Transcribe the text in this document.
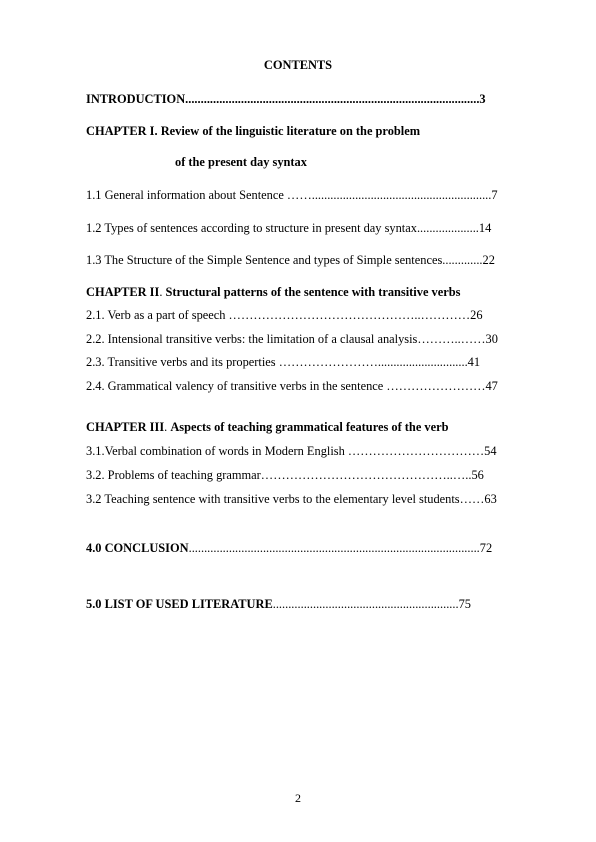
CONTENTS
INTRODUCTION...............................................................................................3
CHAPTER I. Review of the linguistic literature on the problem
of the present day syntax
1.1 General information about Sentence ……..........................................................7
1.2 Types of sentences according to structure in present day syntax....................14
1.3 The Structure of the Simple Sentence and types of Simple sentences.............22
CHAPTER II. Structural patterns of the sentence with transitive verbs
2.1. Verb as a part of speech ………………………………………..…………26
2.2. Intensional transitive verbs: the limitation of a clausal analysis………..……30
2.3. Transitive verbs and its properties …………………….............................41
2.4. Grammatical valency of transitive verbs in the sentence ……………………47
CHAPTER III. Aspects of teaching grammatical features of the verb
3.1.Verbal combination of words in Modern English ……………………………54
3.2. Problems of teaching grammar………………………………………..…..56
3.2 Teaching sentence with transitive verbs to the elementary level students……63
4.0 CONCLUSION..............................................................................................72
5.0 LIST OF USED LITERATURE............................................................75
2
